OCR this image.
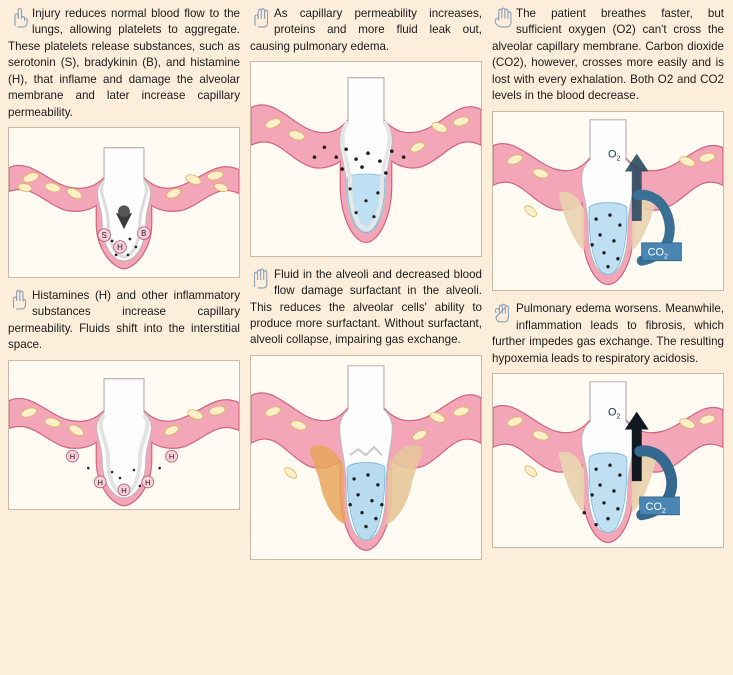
Injury reduces normal blood flow to the lungs, allowing platelets to aggregate. These platelets release substances, such as serotonin (S), bradykinin (B), and histamine (H), that inflame and damage the alveolar membrane and later increase capillary permeability.

S	B
H

Histamines (H) and other inflammatory substances increase capillary permeability. Fluids shift into the interstitial space.

H	H
H
H
H

As capillary permeability increases, proteins and more fluid leak out, causing pulmonary edema.

Fluid in the alveoli and decreased blood flow damage surfactant in the alveoli. This reduces the alveolar cells' ability to produce more surfactant. Without surfactant, alveoli collapse, impairing gas exchange.

The patient breathes faster, but sufficient oxygen (O2) can't cross the alveolar capillary membrane. Carbon dioxide (CO2), however, crosses more easily and is lost with every exhalation. Both O2 and CO2 levels in the blood decrease.

$CO_2$
$O_2$

Pulmonary edema worsens. Meanwhile, inflammation leads to fibrosis, which further impedes gas exchange. The resulting hypoxemia leads to respiratory acidosis.

$CO_2$
$O_2$
